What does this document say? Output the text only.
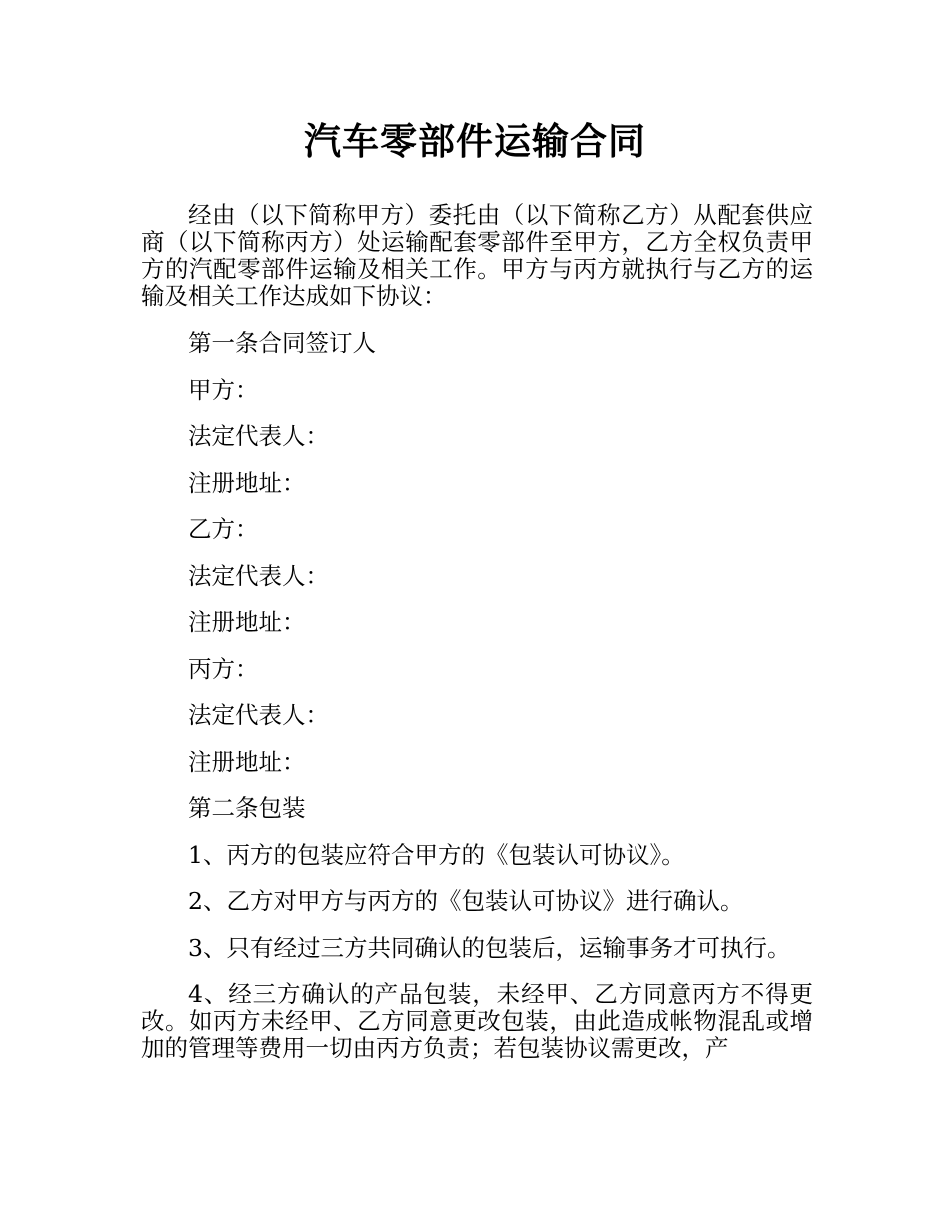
汽车零部件运输合同

经由（以下简称甲方）委托由（以下简称乙方）从配套供应商（以下简称丙方）处运输配套零部件至甲方，乙方全权负责甲方的汽配零部件运输及相关工作。甲方与丙方就执行与乙方的运输及相关工作达成如下协议：

第一条合同签订人

甲方：

法定代表人：

注册地址：

乙方：

法定代表人：

注册地址：

丙方：

法定代表人：

注册地址：

第二条包装

1、丙方的包装应符合甲方的《包装认可协议》。

2、乙方对甲方与丙方的《包装认可协议》进行确认。

3、只有经过三方共同确认的包装后，运输事务才可执行。

4、经三方确认的产品包装，未经甲、乙方同意丙方不得更改。如丙方未经甲、乙方同意更改包装，由此造成帐物混乱或增加的管理等费用一切由丙方负责；若包装协议需更改，产
